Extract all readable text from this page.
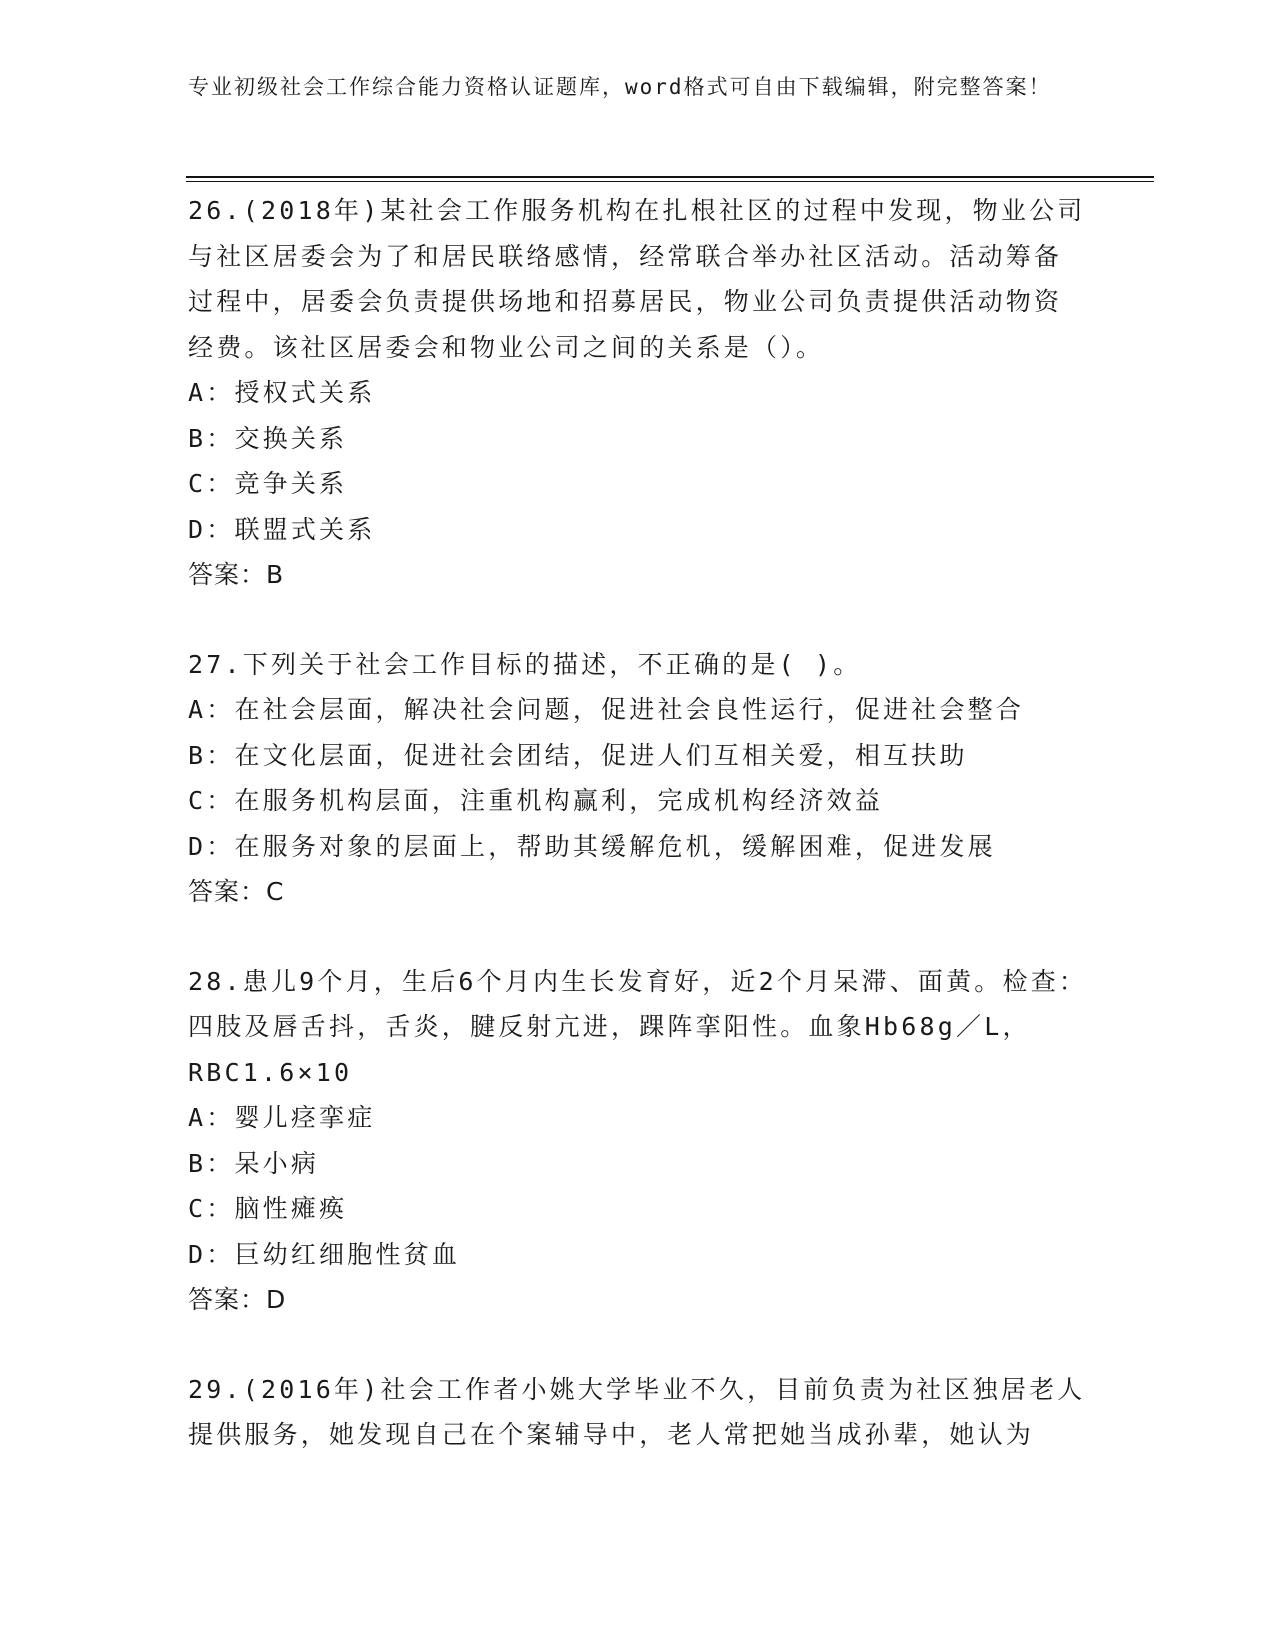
专业初级社会工作综合能力资格认证题库，word格式可自由下载编辑，附完整答案！

26.(2018年)某社会工作服务机构在扎根社区的过程中发现，物业公司与社区居委会为了和居民联络感情，经常联合举办社区活动。活动筹备过程中，居委会负责提供场地和招募居民，物业公司负责提供活动物资经费。该社区居委会和物业公司之间的关系是（）。

A：授权式关系

B：交换关系

C：竞争关系

D：联盟式关系

答案：B

27.下列关于社会工作目标的描述，不正确的是( )。

A：在社会层面，解决社会问题，促进社会良性运行，促进社会整合

B：在文化层面，促进社会团结，促进人们互相关爱，相互扶助

C：在服务机构层面，注重机构赢利，完成机构经济效益

D：在服务对象的层面上，帮助其缓解危机，缓解困难，促进发展

答案：C

28.患儿9个月，生后6个月内生长发育好，近2个月呆滞、面黄。检查：四肢及唇舌抖，舌炎，腱反射亢进，踝阵挛阳性。血象Hb68g／L，RBC1.6×10

A：婴儿痉挛症

B：呆小病

C：脑性瘫痪

D：巨幼红细胞性贫血

答案：D

29.(2016年)社会工作者小姚大学毕业不久，目前负责为社区独居老人提供服务，她发现自己在个案辅导中，老人常把她当成孙辈，她认为
